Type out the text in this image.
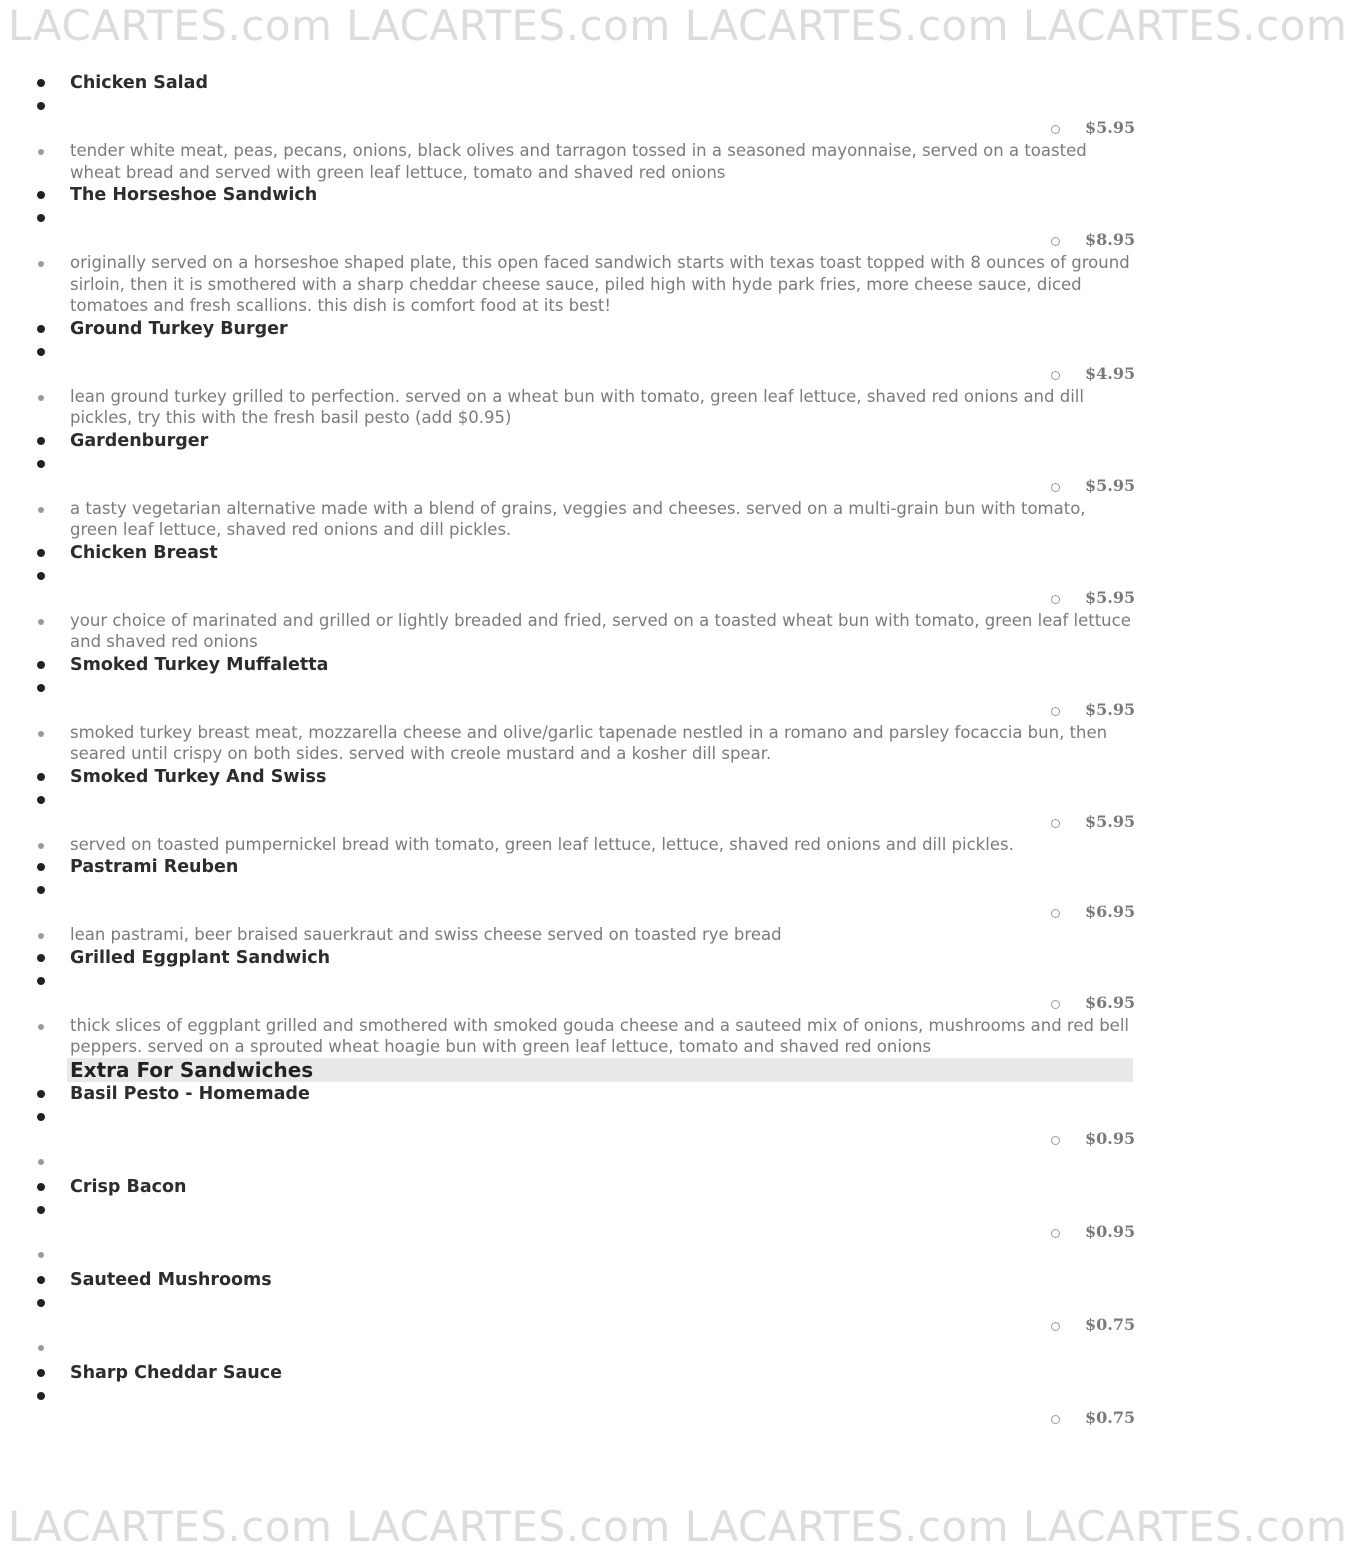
LACARTES.com LACARTES.com LACARTES.com LACARTES.com
Chicken Salad
$5.95
tender white meat, peas, pecans, onions, black olives and tarragon tossed in a seasoned mayonnaise, served on a toasted wheat bread and served with green leaf lettuce, tomato and shaved red onions
The Horseshoe Sandwich
$8.95
originally served on a horseshoe shaped plate, this open faced sandwich starts with texas toast topped with 8 ounces of ground sirloin, then it is smothered with a sharp cheddar cheese sauce, piled high with hyde park fries, more cheese sauce, diced tomatoes and fresh scallions. this dish is comfort food at its best!
Ground Turkey Burger
$4.95
lean ground turkey grilled to perfection. served on a wheat bun with tomato, green leaf lettuce, shaved red onions and dill pickles, try this with the fresh basil pesto (add $0.95)
Gardenburger
$5.95
a tasty vegetarian alternative made with a blend of grains, veggies and cheeses. served on a multi-grain bun with tomato, green leaf lettuce, shaved red onions and dill pickles.
Chicken Breast
$5.95
your choice of marinated and grilled or lightly breaded and fried, served on a toasted wheat bun with tomato, green leaf lettuce and shaved red onions
Smoked Turkey Muffaletta
$5.95
smoked turkey breast meat, mozzarella cheese and olive/garlic tapenade nestled in a romano and parsley focaccia bun, then seared until crispy on both sides. served with creole mustard and a kosher dill spear.
Smoked Turkey And Swiss
$5.95
served on toasted pumpernickel bread with tomato, green leaf lettuce, lettuce, shaved red onions and dill pickles.
Pastrami Reuben
$6.95
lean pastrami, beer braised sauerkraut and swiss cheese served on toasted rye bread
Grilled Eggplant Sandwich
$6.95
thick slices of eggplant grilled and smothered with smoked gouda cheese and a sauteed mix of onions, mushrooms and red bell peppers. served on a sprouted wheat hoagie bun with green leaf lettuce, tomato and shaved red onions
Extra For Sandwiches
Basil Pesto - Homemade
$0.95
Crisp Bacon
$0.95
Sauteed Mushrooms
$0.75
Sharp Cheddar Sauce
$0.75
LACARTES.com LACARTES.com LACARTES.com LACARTES.com
